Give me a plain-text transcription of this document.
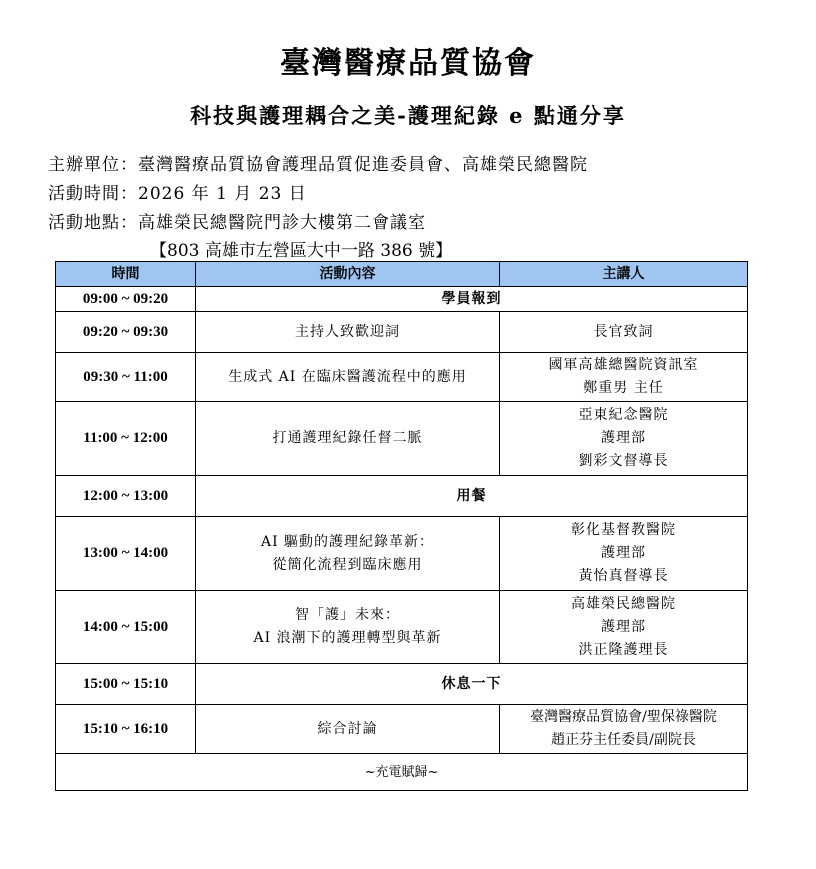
臺灣醫療品質協會
科技與護理耦合之美-護理紀錄 e 點通分享
主辦單位：臺灣醫療品質協會護理品質促進委員會、高雄榮民總醫院
活動時間：2026 年 1 月 23 日
活動地點：高雄榮民總醫院門診大樓第二會議室
【803 高雄市左營區大中一路 386 號】
時間	活動內容	主講人
09:00 ~ 09:20	學員報到	
09:20 ~ 09:30	主持人致歡迎詞	長官致詞

09:30 ~ 11:00	生成式 AI 在臨床醫護流程中的應用	國軍高雄總醫院資訊室
鄭重男 主任

11:00 ~ 12:00	打通護理紀錄任督二脈	亞東紀念醫院
護理部
劉彩文督導長

12:00 ~ 13:00	用餐	
13:00 ~ 14:00	AI 驅動的護理紀錄革新：
從簡化流程到臨床應用	彰化基督教醫院
護理部
黃怡真督導長

14:00 ~ 15:00	智「護」未來：
AI 浪潮下的護理轉型與革新	高雄榮民總醫院
護理部
洪正隆護理長

15:00 ~ 15:10	休息一下	
15:10 ~ 16:10	綜合討論	臺灣醫療品質協會/聖保祿醫院
趙正芬主任委員/副院長

~充電賦歸~		
